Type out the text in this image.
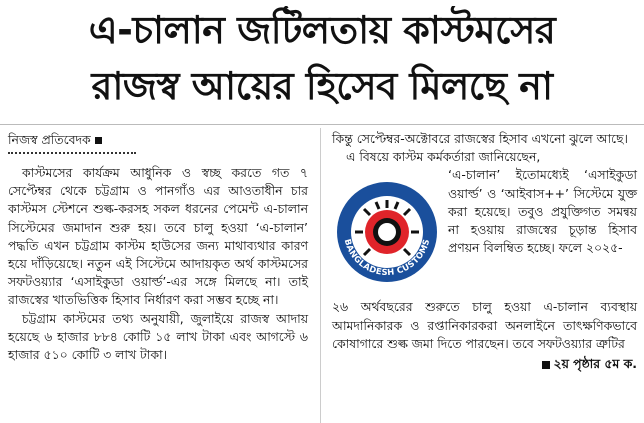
এ-চালান জটিলতায় কাস্টমসের
রাজস্ব আয়ের হিসেব মিলছে না
নিজস্ব প্রতিবেদক

কাস্টমসের কার্যক্রম আধুনিক ও স্বচ্ছ করতে গত ৭ সেপ্টেম্বর থেকে চট্টগ্রাম ও পানগাঁও এর আওতাধীন চার কাস্টমস স্টেশনে শুল্ক-করসহ সকল ধরনের পেমেন্ট এ-চালান সিস্টেমের জমাদান শুরু হয়। তবে চালু হওয়া ‘এ-চালান’ পদ্ধতি এখন চট্টগ্রাম কাস্টম হাউসের জন্য মাথাব্যথার কারণ হয়ে দাঁড়িয়েছে। নতুন এই সিস্টেমে আদায়কৃত অর্থ কাস্টমসের সফটওয়্যার ‘এসাইকুডা ওয়ার্ল্ড’-এর সঙ্গে মিলছে না। তাই রাজস্বের খাতভিত্তিক হিসাব নির্ধারণ করা সম্ভব হচ্ছে না।

চট্টগ্রাম কাস্টমের তথ্য অনুযায়ী, জুলাইয়ে রাজস্ব আদায় হয়েছে ৬ হাজার ৮৮৪ কোটি ১৫ লাখ টাকা এবং আগস্টে ৬ হাজার ৫১০ কোটি ৩ লাখ টাকা।

কিন্তু সেপ্টেম্বর-অক্টোবরে রাজস্বের হিসাব এখনো ঝুলে আছে।

এ বিষয়ে কাস্টম কর্মকর্তারা জানিয়েছেন,

BANGLADESH CUSTOMS
‘এ-চালান’ ইতোমধ্যেই ‘এসাইকুডা ওয়ার্ল্ড’ ও ‘আইবাস++’ সিস্টেমে যুক্ত করা হয়েছে। তবুও প্রযুক্তিগত সমন্বয় না হওয়ায় রাজস্বের চূড়ান্ত হিসাব প্রণয়ন বিলম্বিত হচ্ছে। ফলে ২০২৫-

২৬ অর্থবছরের শুরুতে চালু হওয়া এ-চালান ব্যবস্থায় আমদানিকারক ও রপ্তানিকারকরা অনলাইনে তাৎক্ষণিকভাবে কোষাগারে শুল্ক জমা দিতে পারছেন। তবে সফটওয়্যার ত্রুটির

২য় পৃষ্ঠার ৫ম ক.
